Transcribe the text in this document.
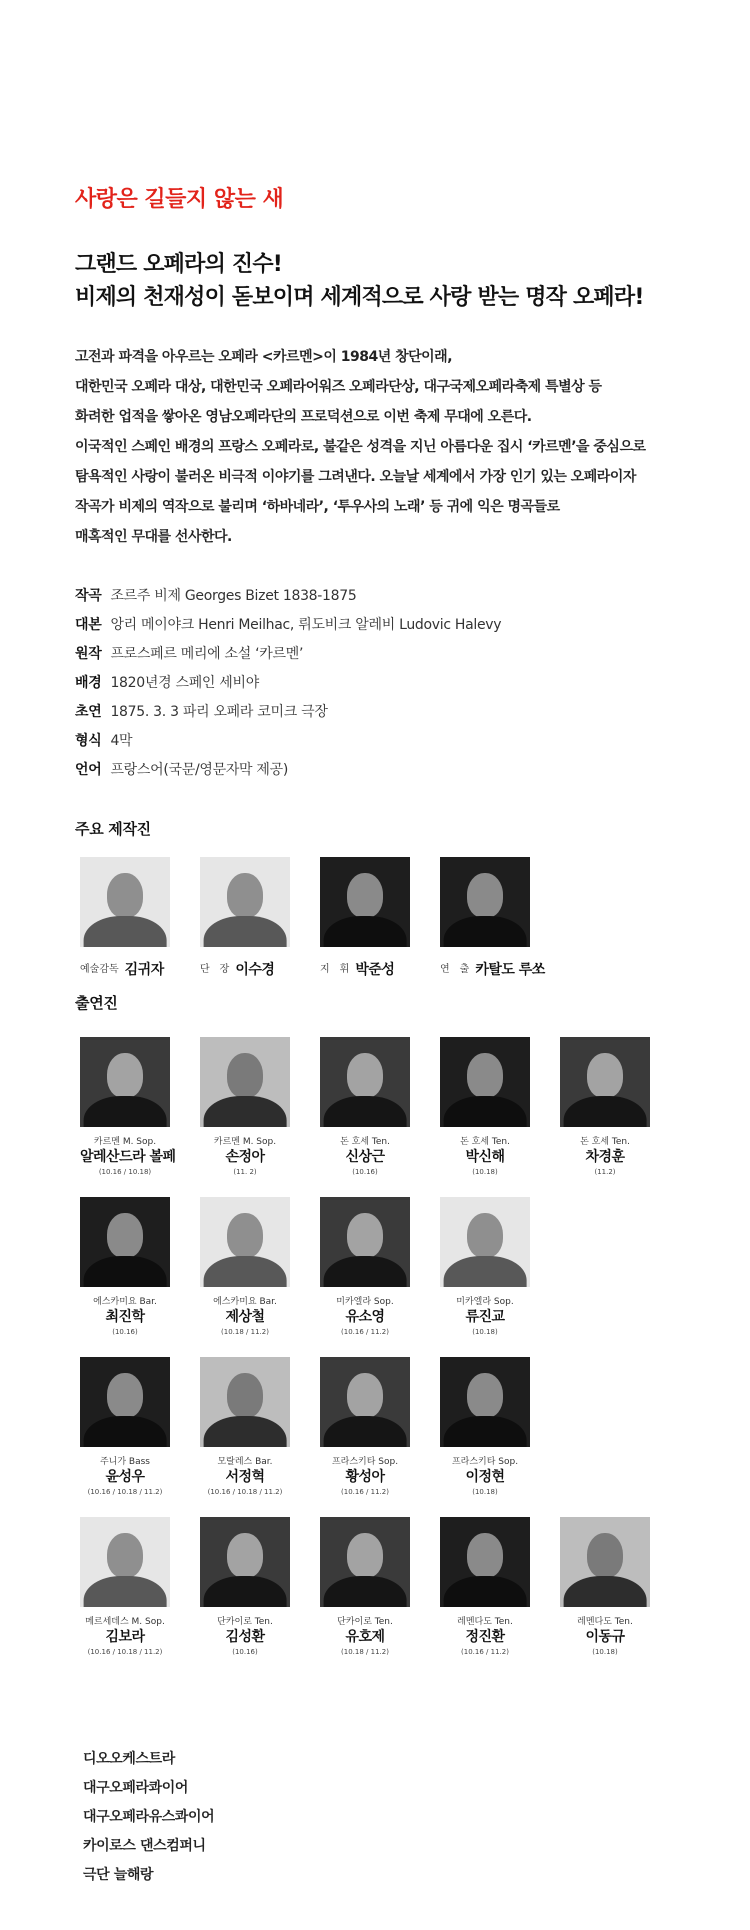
사랑은 길들지 않는 새
그랜드 오페라의 진수!
비제의 천재성이 돋보이며 세계적으로 사랑 받는 명작 오페라!
고전과 파격을 아우르는 오페라 <카르멘>이 1984년 창단이래,
대한민국 오페라 대상, 대한민국 오페라어워즈 오페라단상, 대구국제오페라축제 특별상 등
화려한 업적을 쌓아온 영남오페라단의 프로덕션으로 이번 축제 무대에 오른다.
이국적인 스페인 배경의 프랑스 오페라로, 불같은 성격을 지닌 아름다운 집시 ‘카르멘’을 중심으로
탐욕적인 사랑이 불러온 비극적 이야기를 그려낸다. 오늘날 세계에서 가장 인기 있는 오페라이자
작곡가 비제의 역작으로 불리며 ‘하바네라’, ‘투우사의 노래’ 등 귀에 익은 명곡들로
매혹적인 무대를 선사한다.
작곡 조르주 비제 Georges Bizet 1838-1875
대본 앙리 메이야크 Henri Meilhac, 뤼도비크 알레비 Ludovic Halevy
원작 프로스페르 메리에 소설 ‘카르멘’
배경 1820년경 스페인 세비야
초연 1875. 3. 3 파리 오페라 코미크 극장
형식 4막
언어 프랑스어(국문/영문자막 제공)
주요 제작진
예술감독 김귀자	단　장 이수경	지　휘 박준성	연　출 카탈도 루쏘
출연진
카르멘 M. Sop.
알레산드라 볼페
(10.16 / 10.18)
카르멘 M. Sop.
손정아
(11. 2)
돈 호세 Ten.
신상근
(10.16)
돈 호세 Ten.
박신해
(10.18)
돈 호세 Ten.
차경훈
(11.2)
에스카미요 Bar.
최진학
(10.16)
에스카미요 Bar.
제상철
(10.18 / 11.2)
미카엘라 Sop.
유소영
(10.16 / 11.2)
미카엘라 Sop.
류진교
(10.18)
주니가 Bass
윤성우
(10.16 / 10.18 / 11.2)
모랄레스 Bar.
서정혁
(10.16 / 10.18 / 11.2)
프라스키타 Sop.
황성아
(10.16 / 11.2)
프라스키타 Sop.
이정현
(10.18)
메르세데스 M. Sop.
김보라
(10.16 / 10.18 / 11.2)
단카이로 Ten.
김성환
(10.16)
단카이로 Ten.
유호제
(10.18 / 11.2)
레멘다도 Ten.
정진환
(10.16 / 11.2)
레멘다도 Ten.
이동규
(10.18)
디오오케스트라
대구오페라콰이어
대구오페라유스콰이어
카이로스 댄스컴퍼니
극단 늘해랑
